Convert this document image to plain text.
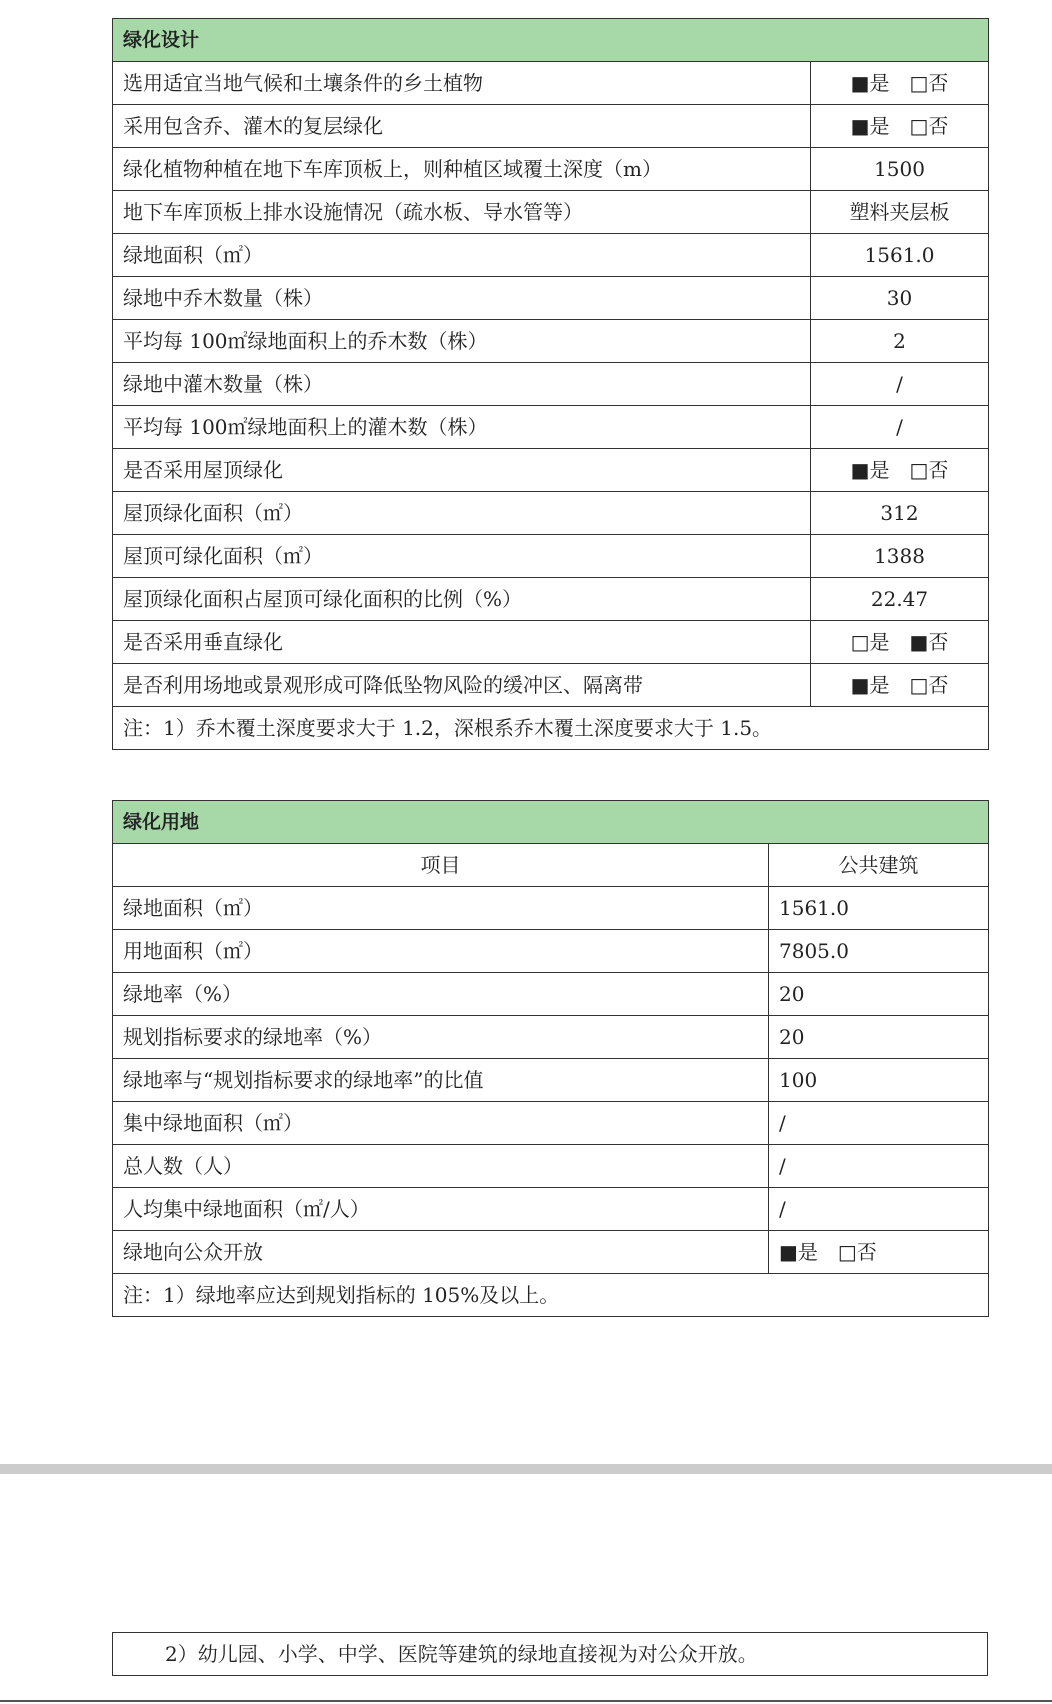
绿化设计	
选用适宜当地气候和土壤条件的乡土植物	■是　□否
采用包含乔、灌木的复层绿化	■是　□否
绿化植物种植在地下车库顶板上，则种植区域覆土深度（m）	1500
地下车库顶板上排水设施情况（疏水板、导水管等）	塑料夹层板
绿地面积（㎡）	1561.0
绿地中乔木数量（株）	30
平均每 100㎡绿地面积上的乔木数（株）	2
绿地中灌木数量（株）	/
平均每 100㎡绿地面积上的灌木数（株）	/
是否采用屋顶绿化	■是　□否
屋顶绿化面积（㎡）	312
屋顶可绿化面积（㎡）	1388
屋顶绿化面积占屋顶可绿化面积的比例（%）	22.47
是否采用垂直绿化	□是　■否
是否利用场地或景观形成可降低坠物风险的缓冲区、隔离带	■是　□否
注：1）乔木覆土深度要求大于 1.2，深根系乔木覆土深度要求大于 1.5。	
绿化用地	
项目	公共建筑
绿地面积（㎡）	1561.0
用地面积（㎡）	7805.0
绿地率（%）	20
规划指标要求的绿地率（%）	20
绿地率与“规划指标要求的绿地率”的比值	100
集中绿地面积（㎡）	/
总人数（人）	/
人均集中绿地面积（㎡/人）	/
绿地向公众开放	■是　□否
注：1）绿地率应达到规划指标的 105%及以上。	
2）幼儿园、小学、中学、医院等建筑的绿地直接视为对公众开放。
